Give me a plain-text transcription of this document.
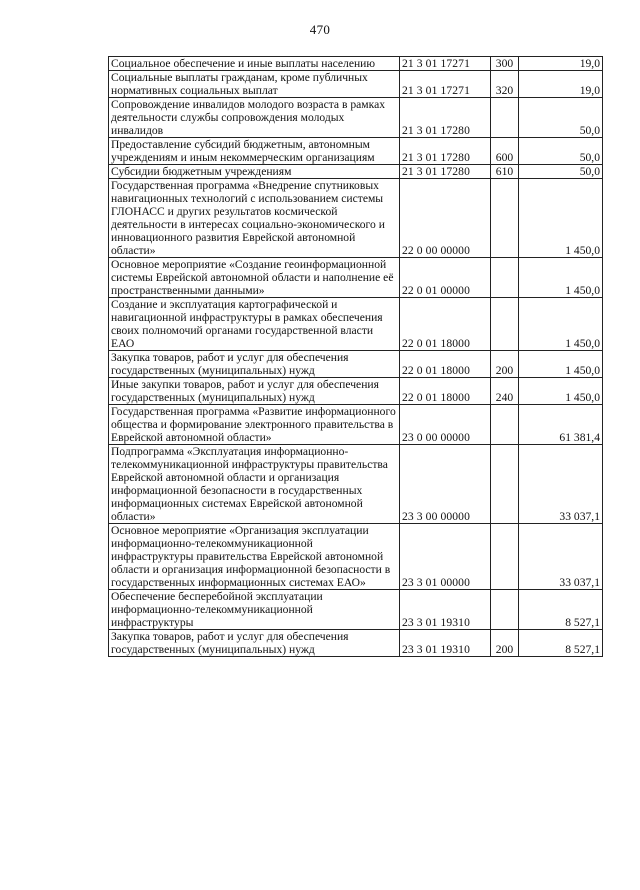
470
Социальное обеспечение и иные выплаты населению	21 3 01 17271	300	19,0
Социальные выплаты гражданам, кроме публичных нормативных социальных выплат	21 3 01 17271	320	19,0
Сопровождение инвалидов молодого возраста в рамках деятельности службы сопровождения молодых инвалидов	21 3 01 17280		50,0
Предоставление субсидий бюджетным, автономным учреждениям и иным некоммерческим организациям	21 3 01 17280	600	50,0
Субсидии бюджетным учреждениям	21 3 01 17280	610	50,0
Государственная программа «Внедрение спутниковых навигационных технологий с использованием системы ГЛОНАСС и других результатов космической деятельности в интересах социально-экономического и инновационного развития Еврейской автономной области»	22 0 00 00000		1 450,0
Основное мероприятие «Создание геоинформационной системы Еврейской автономной области и наполнение её пространственными данными»	22 0 01 00000		1 450,0
Создание и эксплуатация картографической и навигационной инфраструктуры в рамках обеспечения своих полномочий органами государственной власти ЕАО	22 0 01 18000		1 450,0
Закупка товаров, работ и услуг для обеспечения государственных (муниципальных) нужд	22 0 01 18000	200	1 450,0
Иные закупки товаров, работ и услуг для обеспечения государственных (муниципальных) нужд	22 0 01 18000	240	1 450,0
Государственная программа «Развитие информационного общества и формирование электронного правительства в Еврейской автономной области»	23 0 00 00000		61 381,4
Подпрограмма «Эксплуатация информационно-телекоммуникационной инфраструктуры правительства Еврейской автономной области и организация информационной безопасности в государственных информационных системах Еврейской автономной области»	23 3 00 00000		33 037,1
Основное мероприятие «Организация эксплуатации информационно-телекоммуникационной инфраструктуры правительства Еврейской автономной области и организация информационной безопасности в государственных информационных системах ЕАО»	23 3 01 00000		33 037,1
Обеспечение бесперебойной эксплуатации информационно-телекоммуникационной инфраструктуры	23 3 01 19310		8 527,1
Закупка товаров, работ и услуг для обеспечения государственных (муниципальных) нужд	23 3 01 19310	200	8 527,1
